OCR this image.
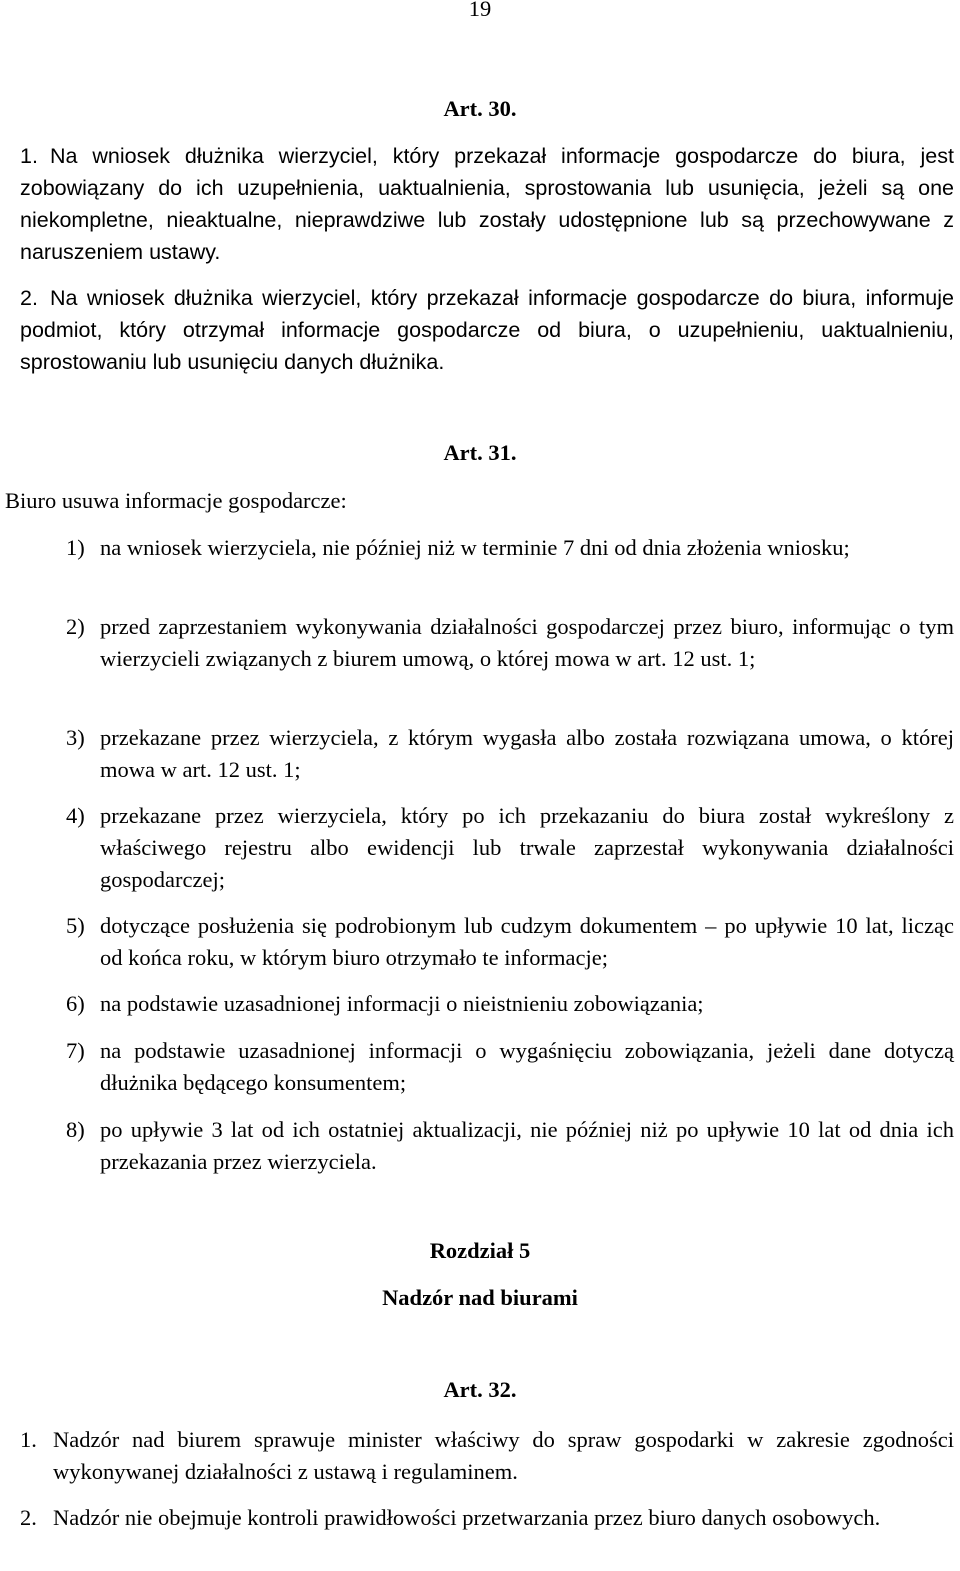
19
Art. 30.
1. Na wniosek dłużnika wierzyciel, który przekazał informacje gospodarcze do biura, jest zobowiązany do ich uzupełnienia, uaktualnienia, sprostowania lub usunięcia, jeżeli są one niekompletne, nieaktualne, nieprawdziwe lub zostały udostępnione lub są przechowywane z naruszeniem ustawy.
2. Na wniosek dłużnika wierzyciel, który przekazał informacje gospodarcze do biura, informuje podmiot, który otrzymał informacje gospodarcze od biura, o uzupełnieniu, uaktualnieniu, sprostowaniu lub usunięciu danych dłużnika.
Art. 31.
Biuro usuwa informacje gospodarcze:
1) na wniosek wierzyciela, nie później niż w terminie 7 dni od dnia złożenia wniosku;
2) przed zaprzestaniem wykonywania działalności gospodarczej przez biuro, informując o tym wierzycieli związanych z biurem umową, o której mowa w art. 12 ust. 1;
3) przekazane przez wierzyciela, z którym wygasła albo została rozwiązana umowa, o której mowa w art. 12 ust. 1;
4) przekazane przez wierzyciela, który po ich przekazaniu do biura został wykreślony z właściwego rejestru albo ewidencji lub trwale zaprzestał wykonywania działalności gospodarczej;
5) dotyczące posłużenia się podrobionym lub cudzym dokumentem – po upływie 10 lat, licząc od końca roku, w którym biuro otrzymało te informacje;
6) na podstawie uzasadnionej informacji o nieistnieniu zobowiązania;
7) na podstawie uzasadnionej informacji o wygaśnięciu zobowiązania, jeżeli dane dotyczą dłużnika będącego konsumentem;
8) po upływie 3 lat od ich ostatniej aktualizacji, nie później niż po upływie 10 lat od dnia ich przekazania przez wierzyciela.
Rozdział 5
Nadzór nad biurami
Art. 32.
1. Nadzór nad biurem sprawuje minister właściwy do spraw gospodarki w zakresie zgodności wykonywanej działalności z ustawą i regulaminem.
2. Nadzór nie obejmuje kontroli prawidłowości przetwarzania przez biuro danych osobowych.
